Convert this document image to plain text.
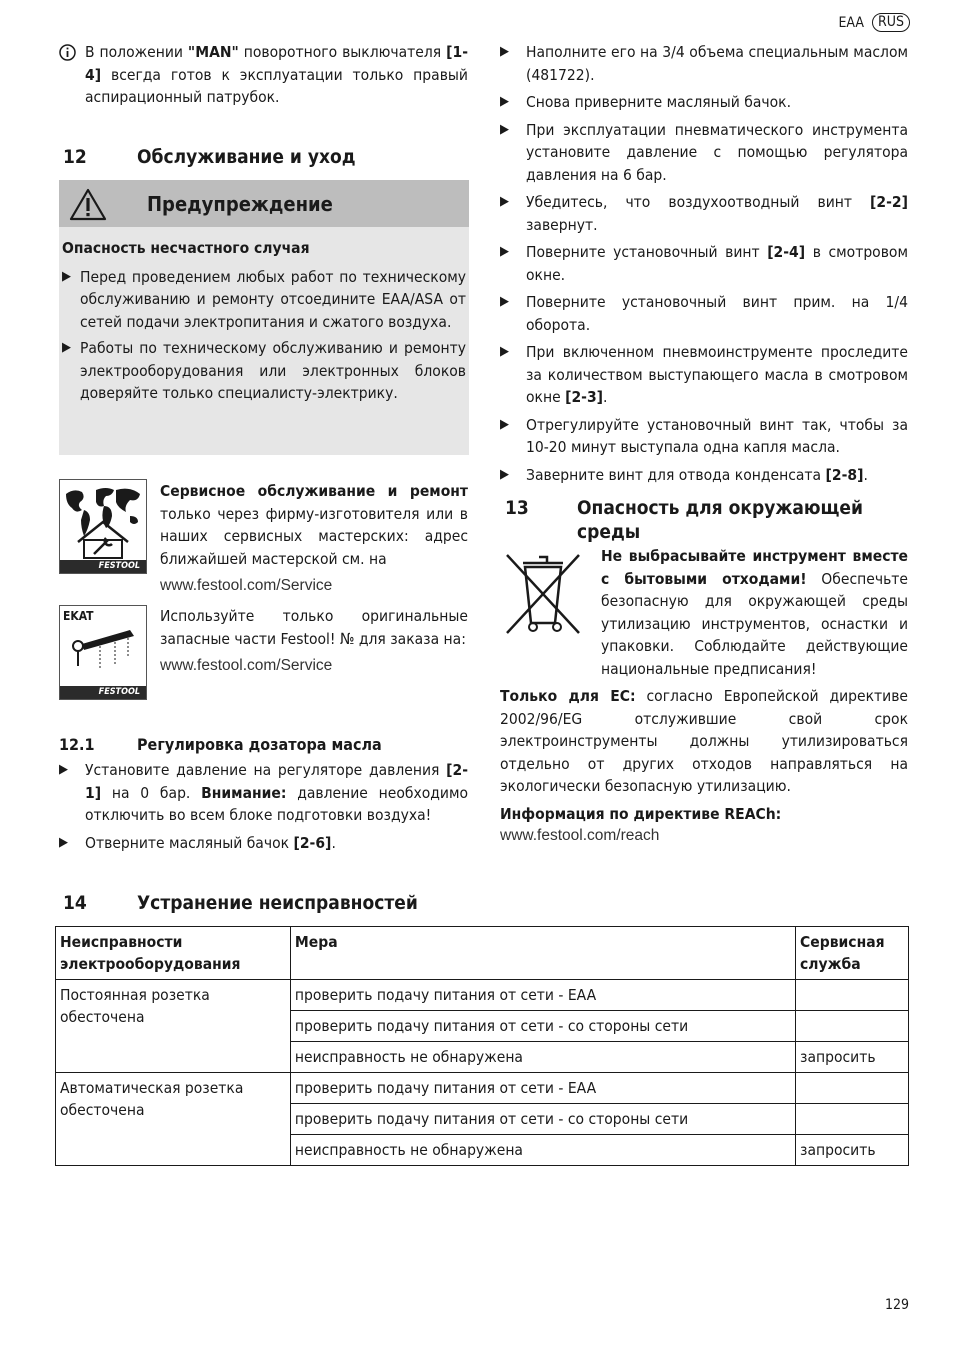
EAA	RUS

В положении "MAN" поворотного выключателя [1-4] всегда готов к эксплуатации только правый аспирационный патрубок.

12	Обслуживание и уход
Предупреждение

Опасность несчастного случая

▶ Перед проведением любых работ по техническому обслуживанию и ремонту отсоедините EAA/ASA от сетей подачи электропитания и сжатого воздуха.

▶ Работы по техническому обслуживанию и ремонту электрооборудования или электронных блоков доверяйте только специалисту-электрику.

FESTOOL

Сервисное обслуживание и ремонт только через фирму-изготовителя или в наших сервисных мастерских: адрес ближайшей мастерской см. на

www.festool.com/Service

EKAT
FESTOOL

Используйте только оригинальные запасные части Festool! № для заказа на:

www.festool.com/Service

12.1	Регулировка дозатора масла
▶	Установите давление на регуляторе давления [2-1] на 0 бар. Внимание: давление необходимо отключить во всем блоке подготовки воздуха!

▶	Отверните масляный бачок [2-6].

▶	Наполните его на 3/4 объема специальным маслом (481722).

▶	Снова приверните масляный бачок.

▶	При эксплуатации пневматического инструмента установите давление с помощью регулятора давления на 6 бар.

▶	Убедитесь, что воздухоотводный винт [2-2] завернут.

▶	Поверните установочный винт [2-4] в смотровом окне.

▶	Поверните установочный винт прим. на 1/4 оборота.

▶	При включенном пневмоинструменте проследите за количеством выступающего масла в смотровом окне [2-3].

▶	Отрегулируйте установочный винт так, чтобы за 10-20 минут выступала одна капля масла.

▶	Заверните винт для отвода конденсата [2-8].

13	Опасность для окружающей среды

Не выбрасывайте инструмент вместе с бытовыми отходами! Обеспечьте безопасную для окружающей среды утилизацию инструментов, оснастки и упаковки. Соблюдайте действующие национальные предписания!

Только для ЕС: согласно Европейской директиве 2002/96/EG отслужившие свой срок электроинструменты должны утилизироваться отдельно от других отходов направляться на экологически безопасную утилизацию.

Информация по директиве REACh:

www.festool.com/reach

14	Устранение неисправностей
Неисправности электрооборудования	Мера	Сервисная служба
Постоянная розетка обесточена	проверить подачу питания от сети - EAA	
	проверить подачу питания от сети - со стороны сети	
	неисправность не обнаружена	запросить
Автоматическая розетка обесточена	проверить подачу питания от сети - EAA	
	проверить подачу питания от сети - со стороны сети	
	неисправность не обнаружена	запросить
129
